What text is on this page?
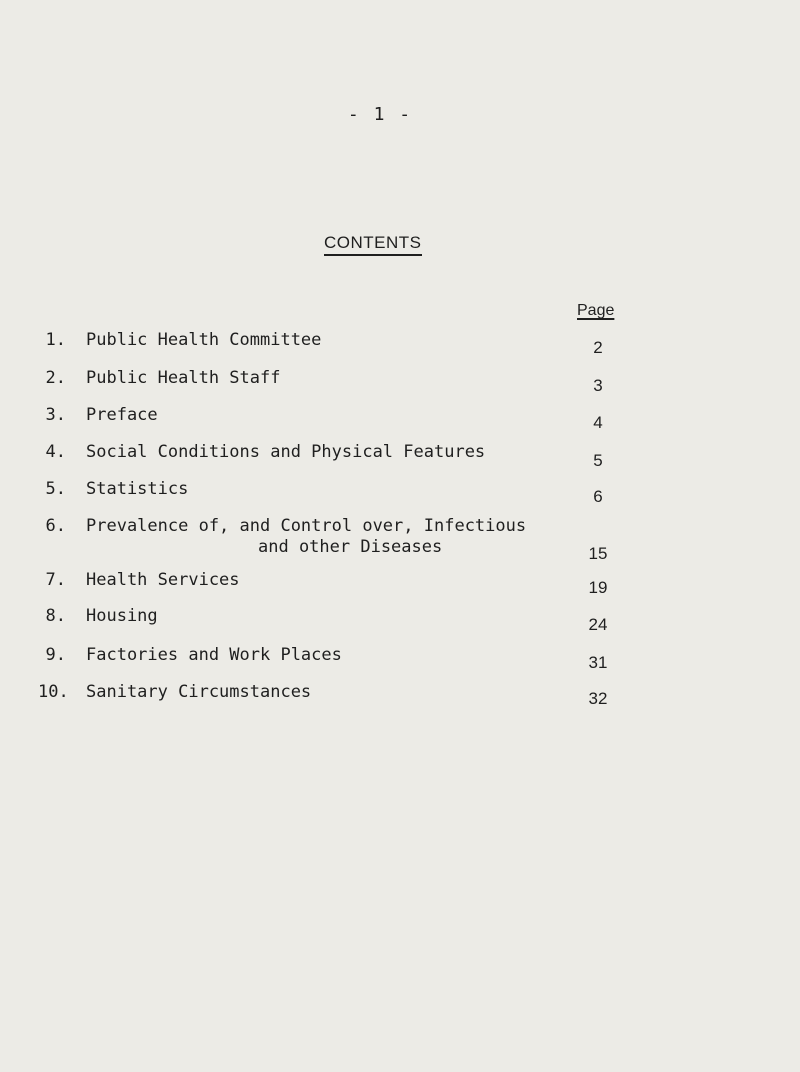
- 1 -
CONTENTS
Page
1. Public Health Committee	2
2. Public Health Staff	3
3. Preface	4
4. Social Conditions and Physical Features	5
5. Statistics	6
6. Prevalence of, and Control over, Infectious
and other Diseases	15
7. Health Services	19
8. Housing	24
9. Factories and Work Places	31
10. Sanitary Circumstances	32
